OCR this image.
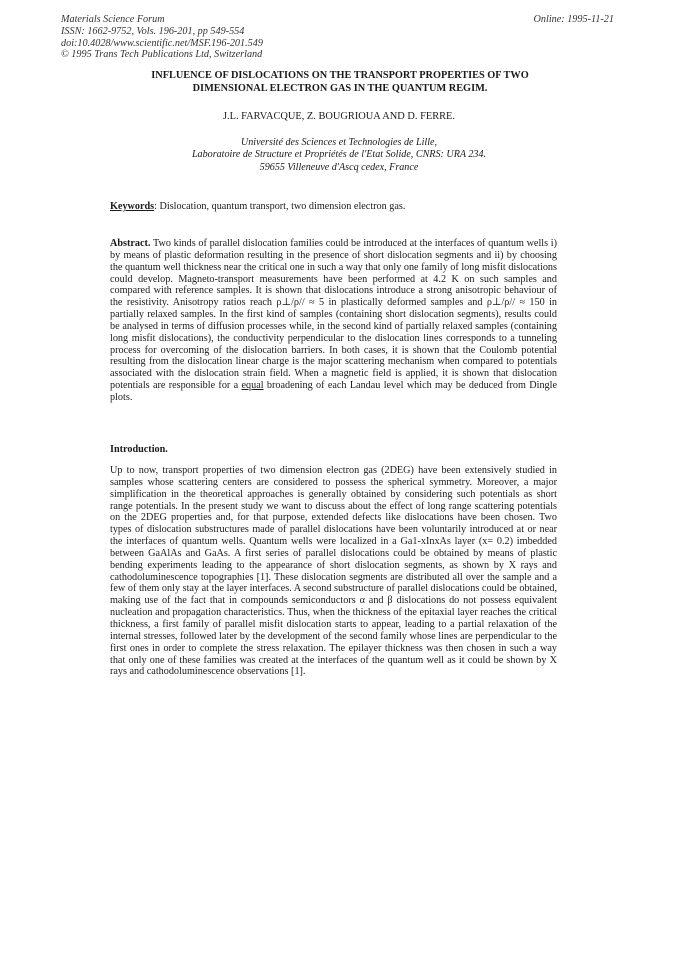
Materials Science Forum
ISSN: 1662-9752, Vols. 196-201, pp 549-554
doi:10.4028/www.scientific.net/MSF.196-201.549
© 1995 Trans Tech Publications Ltd, Switzerland
Online: 1995-11-21
INFLUENCE OF DISLOCATIONS ON THE TRANSPORT PROPERTIES OF TWO
DIMENSIONAL ELECTRON GAS IN THE QUANTUM REGIM.
J.L. FARVACQUE, Z. BOUGRIOUA AND D. FERRE.
Université des Sciences et Technologies de Lille,
Laboratoire de Structure et Propriétés de l'Etat Solide, CNRS: URA 234.
59655 Villeneuve d'Ascq cedex, France
Keywords: Dislocation, quantum transport, two dimension electron gas.
Abstract. Two kinds of parallel dislocation families could be introduced at the interfaces of quantum wells i) by means of plastic deformation resulting in the presence of short dislocation segments and ii) by choosing the quantum well thickness near the critical one in such a way that only one family of long misfit dislocations could develop. Magneto-transport measurements have been performed at 4.2 K on such samples and compared with reference samples. It is shown that dislocations introduce a strong anisotropic behaviour of the resistivity. Anisotropy ratios reach ρ⊥/ρ// ≈ 5 in plastically deformed samples and ρ⊥/ρ// ≈ 150 in partially relaxed samples. In the first kind of samples (containing short dislocation segments), results could be analysed in terms of diffusion processes while, in the second kind of partially relaxed samples (containing long misfit dislocations), the conductivity perpendicular to the dislocation lines corresponds to a tunneling process for overcoming of the dislocation barriers. In both cases, it is shown that the Coulomb potential resulting from the dislocation linear charge is the major scattering mechanism when compared to potentials associated with the dislocation strain field. When a magnetic field is applied, it is shown that dislocation potentials are responsible for a equal broadening of each Landau level which may be deduced from Dingle plots.
Introduction.
Up to now, transport properties of two dimension electron gas (2DEG) have been extensively studied in samples whose scattering centers are considered to possess the spherical symmetry. Moreover, a major simplification in the theoretical approaches is generally obtained by considering such potentials as short range potentials. In the present study we want to discuss about the effect of long range scattering potentials on the 2DEG properties and, for that purpose, extended defects like dislocations have been chosen. Two types of dislocation substructures made of parallel dislocations have been voluntarily introduced at or near the interfaces of quantum wells. Quantum wells were localized in a Ga1-xInxAs layer (x= 0.2) imbedded between GaAlAs and GaAs. A first series of parallel dislocations could be obtained by means of plastic bending experiments leading to the appearance of short dislocation segments, as shown by X rays and cathodoluminescence topographies [1]. These dislocation segments are distributed all over the sample and a few of them only stay at the layer interfaces. A second substructure of parallel dislocations could be obtained, making use of the fact that in compounds semiconductors α and β dislocations do not possess equivalent nucleation and propagation characteristics. Thus, when the thickness of the epitaxial layer reaches the critical thickness, a first family of parallel misfit dislocation starts to appear, leading to a partial relaxation of the internal stresses, followed later by the development of the second family whose lines are perpendicular to the first ones in order to complete the stress relaxation. The epilayer thickness was then chosen in such a way that only one of these families was created at the interfaces of the quantum well as it could be shown by X rays and cathodoluminescence observations [1].
